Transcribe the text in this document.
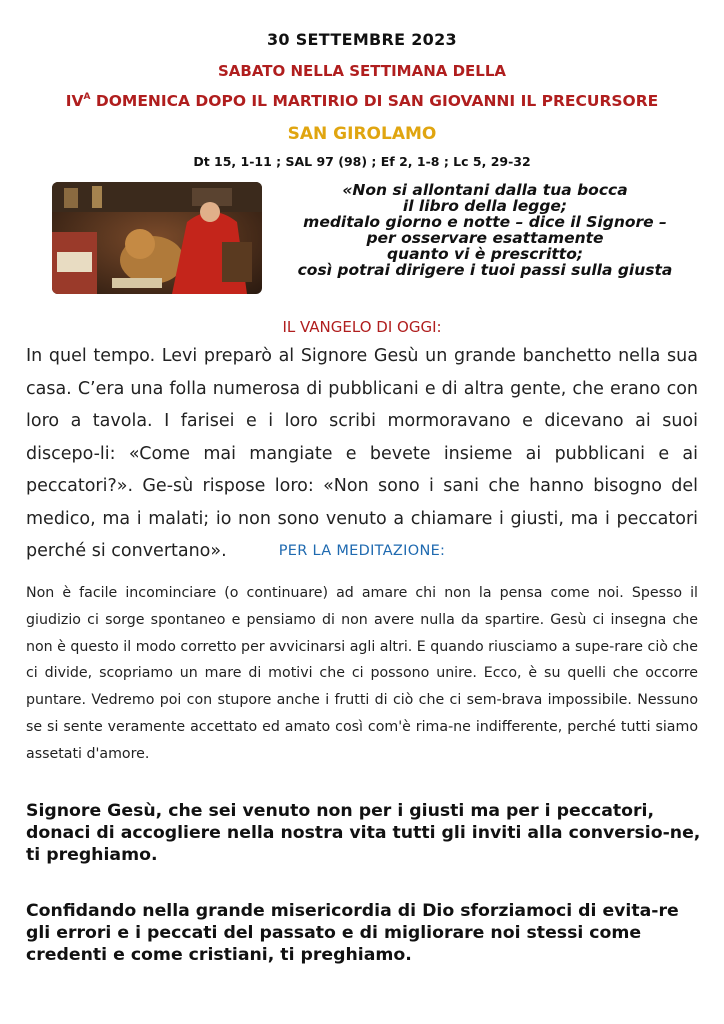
30 SETTEMBRE 2023
SABATO NELLA SETTIMANA DELLA
$IV^A$ DOMENICA DOPO IL MARTIRIO DI SAN GIOVANNI IL PRECURSORE
SAN GIROLAMO
Dt 15, 1-11 ; SAL 97 (98) ; Ef 2, 1-8 ; Lc 5, 29-32
«Non si allontani dalla tua bocca
il libro della legge;
meditalo giorno e notte – dice il Signore –
per osservare esattamente
quanto vi è prescritto;
così potrai dirigere i tuoi passi sulla giusta
IL VANGELO DI OGGI:
In quel tempo. Levi preparò al Signore Gesù un grande banchetto nella sua casa. C’era una folla numerosa di pubblicani e di altra gente, che erano con loro a tavola. I farisei e i loro scribi mormoravano e dicevano ai suoi discepo-li: «Come mai mangiate e bevete insieme ai pubblicani e ai peccatori?». Ge-sù rispose loro: «Non sono i sani che hanno bisogno del medico, ma i malati; io non sono venuto a chiamare i giusti, ma i peccatori perché si convertano».	PER LA MEDITAZIONE:
Non è facile incominciare (o continuare) ad amare chi non la pensa come noi. Spesso il giudizio ci sorge spontaneo e pensiamo di non avere nulla da spartire. Gesù ci insegna che non è questo il modo corretto per avvicinarsi agli altri. E quando riusciamo a supe-rare ciò che ci divide, scopriamo un mare di motivi che ci possono unire. Ecco, è su quelli che occorre puntare. Vedremo poi con stupore anche i frutti di ciò che ci sem-brava impossibile. Nessuno se si sente veramente accettato ed amato così com'è rima-ne indifferente, perché tutti siamo assetati d'amore.
Signore Gesù, che sei venuto non per i giusti ma per i peccatori, donaci di accogliere nella nostra vita tutti gli inviti alla conversio-ne, ti preghiamo.
Confidando nella grande misericordia di Dio sforziamoci di evita-re gli errori e i peccati del passato e di migliorare noi stessi come credenti e come cristiani, ti preghiamo.
